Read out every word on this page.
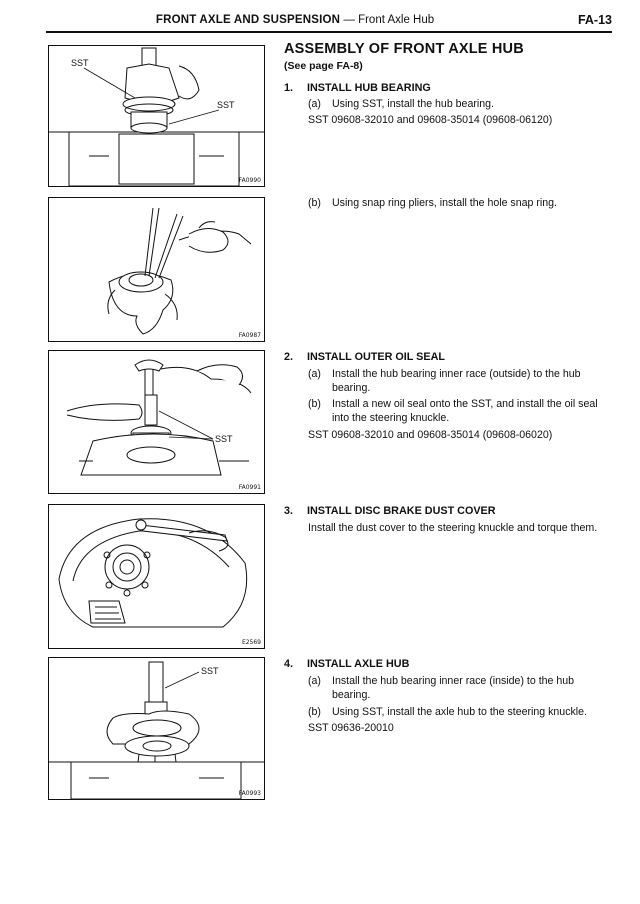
FRONT AXLE AND SUSPENSION — Front Axle Hub	FA-13
SST
SST
FA0990
FA0987
SST
FA0991
E2569
SST
FA0993
ASSEMBLY OF FRONT AXLE HUB
(See page FA-8)
1. INSTALL HUB BEARING
(a) Using SST, install the hub bearing.
SST 09608-32010 and 09608-35014 (09608-06120)
(b) Using snap ring pliers, install the hole snap ring.
2. INSTALL OUTER OIL SEAL
(a) Install the hub bearing inner race (outside) to the hub bearing.
(b) Install a new oil seal onto the SST, and install the oil seal into the steering knuckle.
SST 09608-32010 and 09608-35014 (09608-06020)
3. INSTALL DISC BRAKE DUST COVER
Install the dust cover to the steering knuckle and torque them.
4. INSTALL AXLE HUB
(a) Install the hub bearing inner race (inside) to the hub bearing.
(b) Using SST, install the axle hub to the steering knuckle.
SST 09636-20010
